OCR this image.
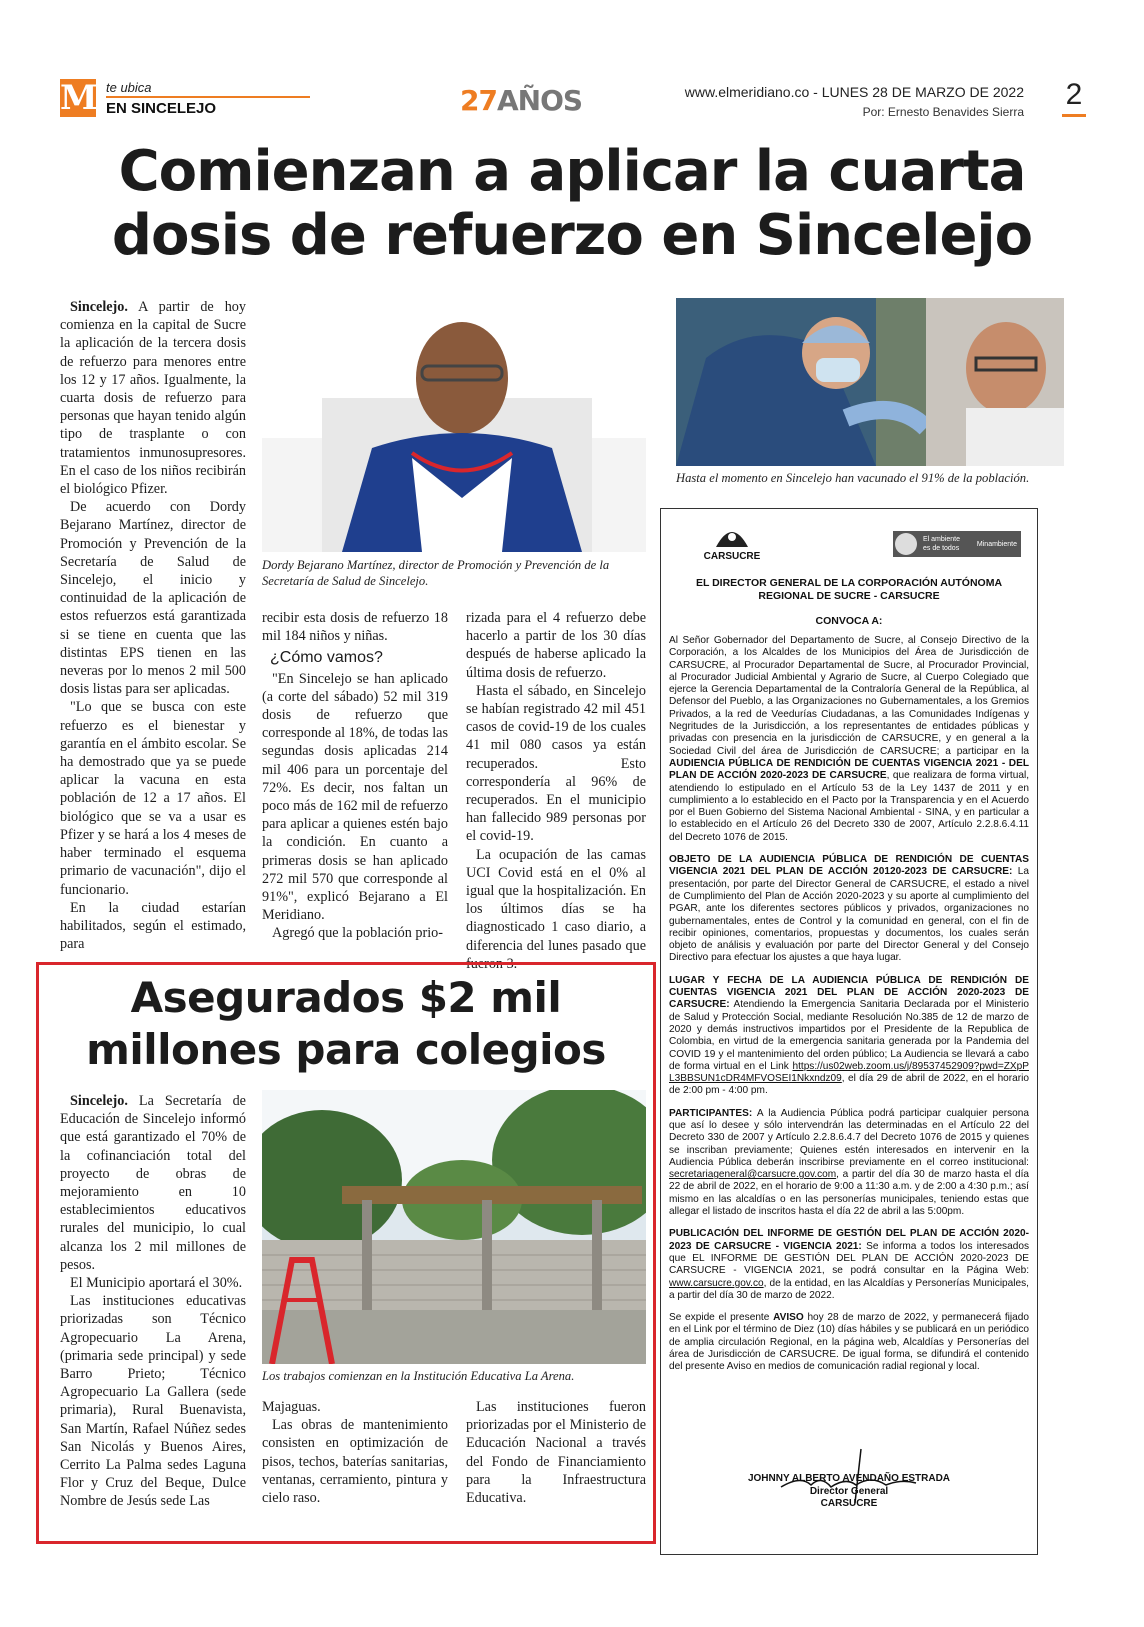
M te ubica
EN SINCELEJO	27AÑOS	www.elmeridiano.co - LUNES 28 DE MARZO DE 2022
Por: Ernesto Benavides Sierra
2
Comienzan a aplicar la cuarta dosis de refuerzo en Sincelejo

Sincelejo. A partir de hoy comienza en la capital de Sucre la aplicación de la tercera dosis de refuerzo para menores entre los 12 y 17 años. Igualmente, la cuarta dosis de refuerzo para personas que hayan tenido algún tipo de trasplante o con tratamientos inmunosupresores. En el caso de los niños recibirán el biológico Pfizer.

De acuerdo con Dordy Bejarano Martínez, director de Promoción y Prevención de la Secretaría de Salud de Sincelejo, el inicio y continuidad de la aplicación de estos refuerzos está garantizada si se tiene en cuenta que las distintas EPS tienen en las neveras por lo menos 2 mil 500 dosis listas para ser aplicadas.

"Lo que se busca con este refuerzo es el bienestar y garantía en el ámbito escolar. Se ha demostrado que ya se puede aplicar la vacuna en esta población de 12 a 17 años. El biológico que se va a usar es Pfizer y se hará a los 4 meses de haber terminado el esquema primario de vacunación", dijo el funcionario.

En la ciudad estarían habilitados, según el estimado, para

Dordy Bejarano Martínez, director de Promoción y Prevención de la Secretaría de Salud de Sincelejo.

recibir esta dosis de refuerzo 18 mil 184 niños y niñas.

¿Cómo vamos?

"En Sincelejo se han aplicado (a corte del sábado) 52 mil 319 dosis de refuerzo que corresponde al 18%, de todas las segundas dosis aplicadas 214 mil 406 para un porcentaje del 72%. Es decir, nos faltan un poco más de 162 mil de refuerzo para aplicar a quienes estén bajo la condición. En cuanto a primeras dosis se han aplicado 272 mil 570 que corresponde al 91%", explicó Bejarano a El Meridiano.

Agregó que la población prio-

rizada para el 4 refuerzo debe hacerlo a partir de los 30 días después de haberse aplicado la última dosis de refuerzo.

Hasta el sábado, en Sincelejo se habían registrado 42 mil 451 casos de covid-19 de los cuales 41 mil 080 casos ya están recuperados. Esto correspondería al 96% de recuperados. En el municipio han fallecido 989 personas por el covid-19.

La ocupación de las camas UCI Covid está en el 0% al igual que la hospitalización. En los últimos días se ha diagnosticado 1 caso diario, a diferencia del lunes pasado que fueron 3.

Hasta el momento en Sincelejo han vacunado el 91% de la población.
CARSUCRE
El ambiente
es de todos
Minambiente
EL DIRECTOR GENERAL DE LA CORPORACIÓN AUTÓNOMA
REGIONAL DE SUCRE - CARSUCRE
CONVOCA A:

Al Señor Gobernador del Departamento de Sucre, al Consejo Directivo de la Corporación, a los Alcaldes de los Municipios del Área de Jurisdicción de CARSUCRE, al Procurador Departamental de Sucre, al Procurador Provincial, al Procurador Judicial Ambiental y Agrario de Sucre, al Cuerpo Colegiado que ejerce la Gerencia Departamental de la Contraloría General de la República, al Defensor del Pueblo, a las Organizaciones no Gubernamentales, a los Gremios Privados, a la red de Veedurías Ciudadanas, a las Comunidades Indígenas y Negritudes de la Jurisdicción, a los representantes de entidades públicas y privadas con presencia en la jurisdicción de CARSUCRE, y en general a la Sociedad Civil del área de Jurisdicción de CARSUCRE; a participar en la AUDIENCIA PÚBLICA DE RENDICIÓN DE CUENTAS VIGENCIA 2021 - DEL PLAN DE ACCIÓN 2020-2023 DE CARSUCRE, que realizara de forma virtual, atendiendo lo estipulado en el Artículo 53 de la Ley 1437 de 2011 y en cumplimiento a lo establecido en el Pacto por la Transparencia y en el Acuerdo por el Buen Gobierno del Sistema Nacional Ambiental - SINA, y en particular a lo establecido en el Artículo 26 del Decreto 330 de 2007, Artículo 2.2.8.6.4.11 del Decreto 1076 de 2015.

OBJETO DE LA AUDIENCIA PÚBLICA DE RENDICIÓN DE CUENTAS VIGENCIA 2021 DEL PLAN DE ACCIÓN 20120-2023 DE CARSUCRE: La presentación, por parte del Director General de CARSUCRE, el estado a nivel de Cumplimiento del Plan de Acción 2020-2023 y su aporte al cumplimiento del PGAR, ante los diferentes sectores públicos y privados, organizaciones no gubernamentales, entes de Control y la comunidad en general, con el fin de recibir opiniones, comentarios, propuestas y documentos, los cuales serán objeto de análisis y evaluación por parte del Director General y del Consejo Directivo para efectuar los ajustes a que haya lugar.

LUGAR Y FECHA DE LA AUDIENCIA PÚBLICA DE RENDICIÓN DE CUENTAS VIGENCIA 2021 DEL PLAN DE ACCIÓN 2020-2023 DE CARSUCRE: Atendiendo la Emergencia Sanitaria Declarada por el Ministerio de Salud y Protección Social, mediante Resolución No.385 de 12 de marzo de 2020 y demás instructivos impartidos por el Presidente de la Republica de Colombia, en virtud de la emergencia sanitaria generada por la Pandemia del COVID 19 y el mantenimiento del orden público; La Audiencia se llevará a cabo de forma virtual en el Link https://us02web.zoom.us/j/89537452909?pwd=ZXpPL3BBSUN1cDR4MFVOSEI1Nkxndz09, el día 29 de abril de 2022, en el horario de 2:00 pm - 4:00 pm.

PARTICIPANTES: A la Audiencia Pública podrá participar cualquier persona que así lo desee y sólo intervendrán las determinadas en el Artículo 22 del Decreto 330 de 2007 y Artículo 2.2.8.6.4.7 del Decreto 1076 de 2015 y quienes se inscriban previamente; Quienes estén interesados en intervenir en la Audiencia Pública deberán inscribirse previamente en el correo institucional: secretariageneral@carsucre.gov.com, a partir del día 30 de marzo hasta el día 22 de abril de 2022, en el horario de 9:00 a 11:30 a.m. y de 2:00 a 4:30 p.m.; así mismo en las alcaldías o en las personerías municipales, teniendo estas que allegar el listado de inscritos hasta el día 22 de abril a las 5:00pm.

PUBLICACIÓN DEL INFORME DE GESTIÓN DEL PLAN DE ACCIÓN 2020-2023 DE CARSUCRE - VIGENCIA 2021: Se informa a todos los interesados que EL INFORME DE GESTIÓN DEL PLAN DE ACCIÓN 2020-2023 DE CARSUCRE - VIGENCIA 2021, se podrá consultar en la Página Web: www.carsucre.gov.co, de la entidad, en las Alcaldías y Personerías Municipales, a partir del día 30 de marzo de 2022.

Se expide el presente AVISO hoy 28 de marzo de 2022, y permanecerá fijado en el Link por el término de Diez (10) días hábiles y se publicará en un periódico de amplia circulación Regional, en la página web, Alcaldías y Personerías del área de Jurisdicción de CARSUCRE. De igual forma, se difundirá el contenido del presente Aviso en medios de comunicación radial regional y local.

JOHNNY ALBERTO AVENDAÑO ESTRADA
Director General
CARSUCRE
Asegurados $2 mil millones para colegios

Sincelejo. La Secretaría de Educación de Sincelejo informó que está garantizado el 70% de la cofinanciación total del proyecto de obras de mejoramiento en 10 establecimientos educativos rurales del municipio, lo cual alcanza los 2 mil millones de pesos.

El Municipio aportará el 30%.

Las instituciones educativas priorizadas son Técnico Agropecuario La Arena, (primaria sede principal) y sede Barro Prieto; Técnico Agropecuario La Gallera (sede primaria), Rural Buenavista, San Martín, Rafael Núñez sedes San Nicolás y Buenos Aires, Cerrito La Palma sedes Laguna Flor y Cruz del Beque, Dulce Nombre de Jesús sede Las

Los trabajos comienzan en la Institución Educativa La Arena.

Majaguas.

Las obras de mantenimiento consisten en optimización de pisos, techos, baterías sanitarias, ventanas, cerramiento, pintura y cielo raso.

Las instituciones fueron priorizadas por el Ministerio de Educación Nacional a través del Fondo de Financiamiento para la Infraestructura Educativa.
